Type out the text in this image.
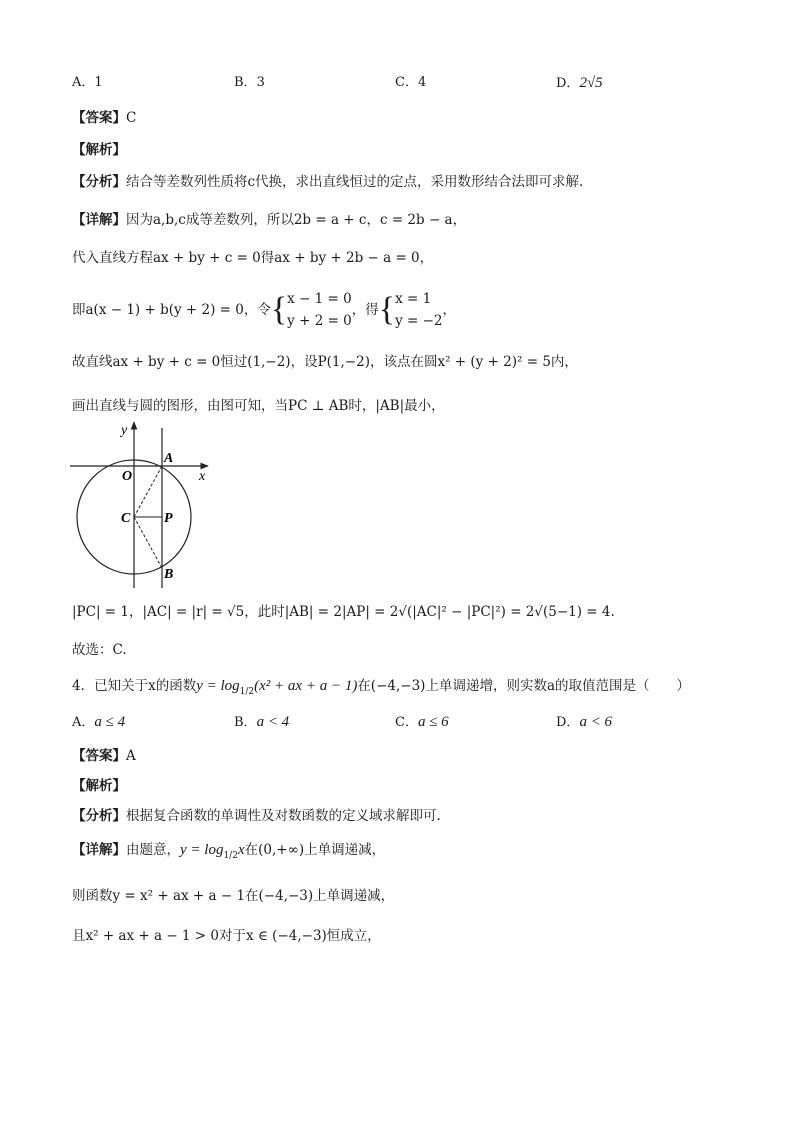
A．1	B．3	C．4	D．2√5
【答案】C
【解析】
【分析】结合等差数列性质将c代换，求出直线恒过的定点，采用数形结合法即可求解.
【详解】因为a,b,c成等差数列，所以2b = a + c，c = 2b − a，
代入直线方程ax + by + c = 0得ax + by + 2b − a = 0，
即a(x − 1) + b(y + 2) = 0，令 { x − 1 = 0
y + 2 = 0
，得 { x = 1
y = −2
，
故直线ax + by + c = 0恒过(1,−2)，设P(1,−2)，该点在圆x² + (y + 2)² = 5内，
画出直线与圆的图形，由图可知，当PC ⊥ AB时，|AB|最小，
y
x
O
A
C P
B
|PC| = 1，|AC| = |r| = √5，此时|AB| = 2|AP| = 2√(|AC|² − |PC|²) = 2√(5−1) = 4.
故选：C.
4．已知关于x的函数 y = log 1/2 (x² + ax + a − 1) 在(−4,−3)上单调递增，则实数a的取值范围是（　　）
A．a ≤ 4	B．a < 4	C．a ≤ 6	D．a < 6
【答案】A
【解析】
【分析】根据复合函数的单调性及对数函数的定义域求解即可.
【详解】 由题意， y = log 1/2 x 在(0,+∞)上单调递减，
则函数y = x² + ax + a − 1在(−4,−3)上单调递减，
且x² + ax + a − 1 > 0对于x ∈ (−4,−3)恒成立，
